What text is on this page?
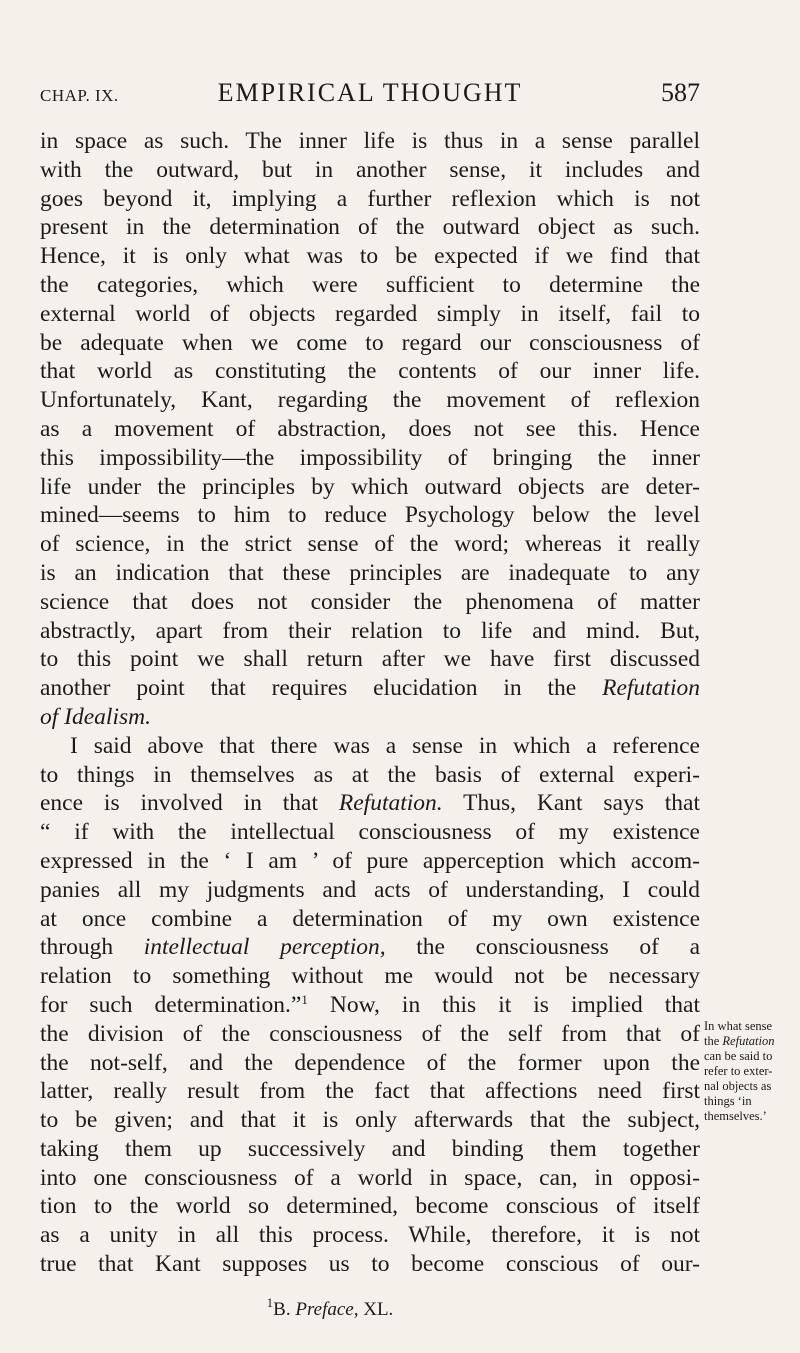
CHAP. IX.	EMPIRICAL THOUGHT	587
in space as such. The inner life is thus in a sense parallel
with the outward, but in another sense, it includes and
goes beyond it, implying a further reflexion which is not
present in the determination of the outward object as such.
Hence, it is only what was to be expected if we find that
the categories, which were sufficient to determine the
external world of objects regarded simply in itself, fail to
be adequate when we come to regard our consciousness of
that world as constituting the contents of our inner life.
Unfortunately, Kant, regarding the movement of reflexion
as a movement of abstraction, does not see this. Hence
this impossibility—the impossibility of bringing the inner
life under the principles by which outward objects are deter-
mined—seems to him to reduce Psychology below the level
of science, in the strict sense of the word; whereas it really
is an indication that these principles are inadequate to any
science that does not consider the phenomena of matter
abstractly, apart from their relation to life and mind. But,
to this point we shall return after we have first discussed
another point that requires elucidation in the Refutation
of Idealism.
I said above that there was a sense in which a reference
to things in themselves as at the basis of external experi-
ence is involved in that Refutation. Thus, Kant says that
“ if with the intellectual consciousness of my existence
expressed in the ‘ I am ’ of pure apperception which accom-
panies all my judgments and acts of understanding, I could
at once combine a determination of my own existence
through intellectual perception, the consciousness of a
relation to something without me would not be necessary
for such determination.”$^1$ Now, in this it is implied that
the division of the consciousness of the self from that of
the not-self, and the dependence of the former upon the
latter, really result from the fact that affections need first
to be given; and that it is only afterwards that the subject,
taking them up successively and binding them together
into one consciousness of a world in space, can, in opposi-
tion to the world so determined, become conscious of itself
as a unity in all this process. While, therefore, it is not
true that Kant supposes us to become conscious of our-
In what sense
the Refutation
can be said to
refer to exter-
nal objects as
things ‘in
themselves.’
$^1$B. Preface, XL.
